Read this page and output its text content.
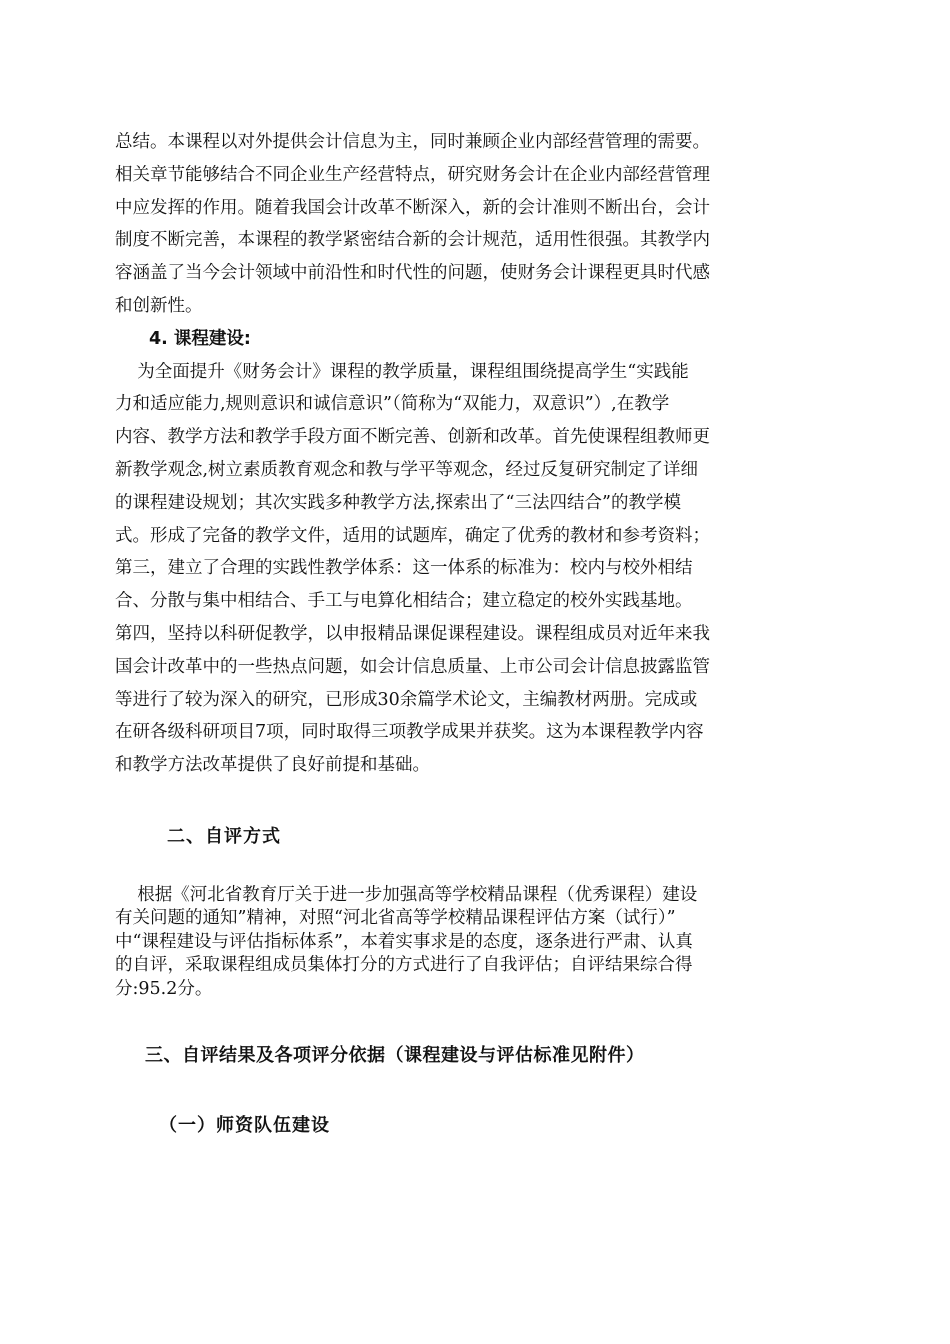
总结。本课程以对外提供会计信息为主，同时兼顾企业内部经营管理的需要。
相关章节能够结合不同企业生产经营特点，研究财务会计在企业内部经营管理
中应发挥的作用。随着我国会计改革不断深入，新的会计准则不断出台，会计
制度不断完善，本课程的教学紧密结合新的会计规范，适用性很强。其教学内
容涵盖了当今会计领域中前沿性和时代性的问题，使财务会计课程更具时代感
和创新性。

4. 课程建设:

为全面提升《财务会计》课程的教学质量，课程组围绕提高学生“实践能
力和适应能力,规则意识和诚信意识”（简称为“双能力，双意识”）,在教学
内容、教学方法和教学手段方面不断完善、创新和改革。首先使课程组教师更
新教学观念,树立素质教育观念和教与学平等观念，经过反复研究制定了详细
的课程建设规划；其次实践多种教学方法,探索出了“三法四结合”的教学模
式。形成了完备的教学文件，适用的试题库，确定了优秀的教材和参考资料；
第三，建立了合理的实践性教学体系：这一体系的标准为：校内与校外相结
合、分散与集中相结合、手工与电算化相结合；建立稳定的校外实践基地。
第四，坚持以科研促教学，以申报精品课促课程建设。课程组成员对近年来我
国会计改革中的一些热点问题，如会计信息质量、上市公司会计信息披露监管
等进行了较为深入的研究，已形成30余篇学术论文，主编教材两册。完成或
在研各级科研项目7项，同时取得三项教学成果并获奖。这为本课程教学内容
和教学方法改革提供了良好前提和基础。

二、自评方式

根据《河北省教育厅关于进一步加强高等学校精品课程（优秀课程）建设
有关问题的通知”精神，对照“河北省高等学校精品课程评估方案（试行）”
中“课程建设与评估指标体系”，本着实事求是的态度，逐条进行严肃、认真
的自评，采取课程组成员集体打分的方式进行了自我评估；自评结果综合得
分:95.2分。

三、自评结果及各项评分依据（课程建设与评估标准见附件）

（一）师资队伍建设
